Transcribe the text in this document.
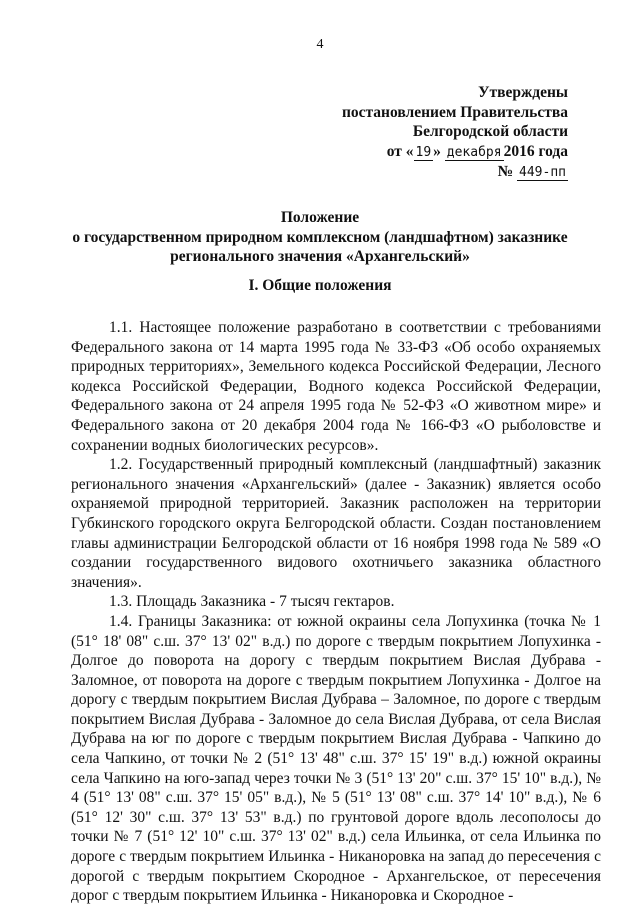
4
Утверждены
постановлением Правительства
Белгородской области
от « 19 » декабря 2016 года
№ 449-пп
Положение
о государственном природном комплексном (ландшафтном) заказнике
регионального значения «Архангельский»
I. Общие положения

1.1. Настоящее положение разработано в соответствии с требованиями Федерального закона от 14 марта 1995 года № 33-ФЗ «Об особо охраняемых природных территориях», Земельного кодекса Российской Федерации, Лесного кодекса Российской Федерации, Водного кодекса Российской Федерации, Федерального закона от 24 апреля 1995 года № 52-ФЗ «О животном мире» и Федерального закона от 20 декабря 2004 года № 166-ФЗ «О рыболовстве и сохранении водных биологических ресурсов».

1.2. Государственный природный комплексный (ландшафтный) заказник регионального значения «Архангельский» (далее - Заказник) является особо охраняемой природной территорией. Заказник расположен на территории Губкинского городского округа Белгородской области. Создан постановлением главы администрации Белгородской области от 16 ноября 1998 года № 589 «О создании государственного видового охотничьего заказника областного значения».

1.3. Площадь Заказника - 7 тысяч гектаров.

1.4. Границы Заказника: от южной окраины села Лопухинка (точка № 1 (51° 18' 08" с.ш. 37° 13' 02" в.д.) по дороге с твердым покрытием Лопухинка - Долгое до поворота на дорогу с твердым покрытием Вислая Дубрава - Заломное, от поворота на дороге с твердым покрытием Лопухинка - Долгое на дорогу с твердым покрытием Вислая Дубрава – Заломное, по дороге с твердым покрытием Вислая Дубрава - Заломное до села Вислая Дубрава, от села Вислая Дубрава на юг по дороге с твердым покрытием Вислая Дубрава - Чапкино до села Чапкино, от точки № 2 (51° 13' 48" с.ш. 37° 15' 19" в.д.) южной окраины села Чапкино на юго-запад через точки № 3 (51° 13' 20" с.ш. 37° 15' 10" в.д.), № 4 (51° 13' 08" с.ш. 37° 15' 05" в.д.), № 5 (51° 13' 08" с.ш. 37° 14' 10" в.д.), № 6 (51° 12' 30" с.ш. 37° 13' 53" в.д.) по грунтовой дороге вдоль лесополосы до точки № 7 (51° 12' 10" с.ш. 37° 13' 02" в.д.) села Ильинка, от села Ильинка по дороге с твердым покрытием Ильинка - Никаноровка на запад до пересечения с дорогой с твердым покрытием Скородное - Архангельское, от пересечения дорог с твердым покрытием Ильинка - Никаноровка и Скородное -
